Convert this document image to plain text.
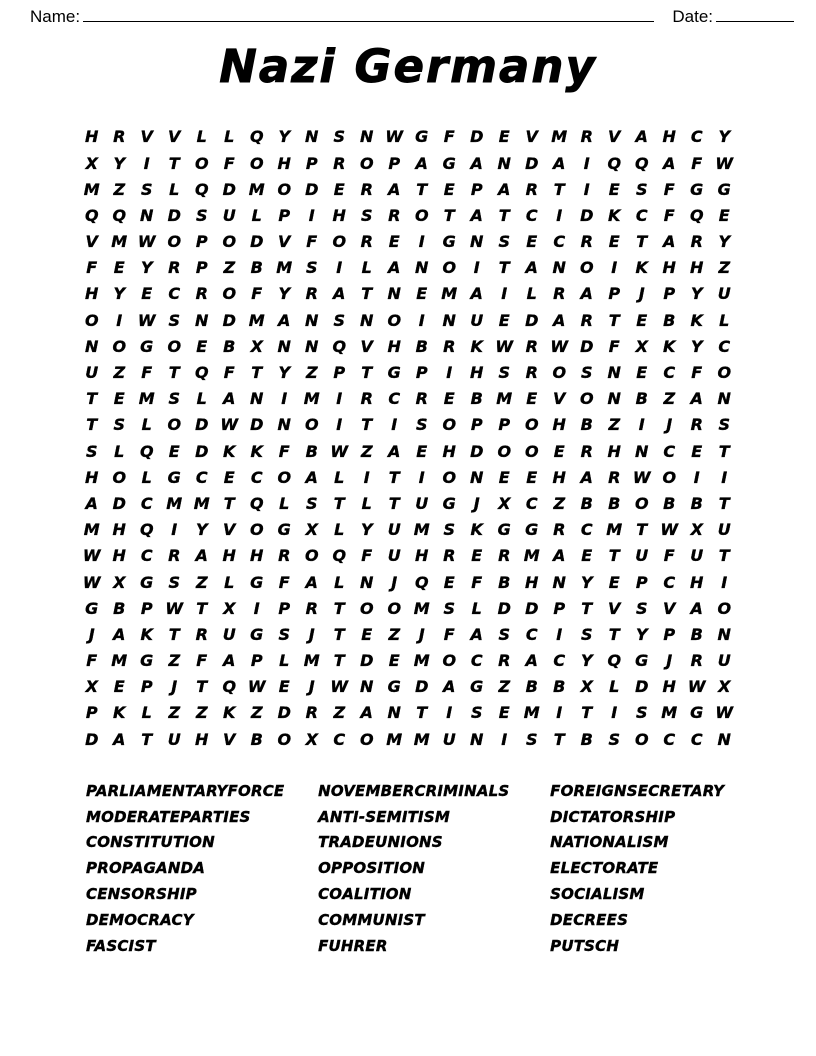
Name:	Date:
Nazi Germany
H R V V	L	L Q Y N S N W G F D E V M R V A H C Y
X Y	I	T O F O H P R O P A G A N D A	I	Q Q A F W
M Z S	L Q D M O D E R A T	E	P A R T	I	E	S	F G G
Q Q N D S U L	P	I	H S R O T A T	C	I	D K C	F Q E
V M W O P O D V F O R E	I	G N S	E	C R E	T A R Y
F	E	Y R P Z B M S	I	L	A N O	I	T A N O	I	K H H Z
H Y	E	C R O F	Y R A T N E M A	I	L	R A P	J	P Y U
O	I W S N D M A N S N O	I	N U E D A R T	E B K	L
N O G O E B X N N Q V H B R K W R W D F X K Y C
U Z	F	T Q F	T	Y Z P	T G P	I	H S R O S N E	C	F O
T	E M S	L	A N	I	M	I	R C R E B M E V O N B Z A N
T	S	L O D W D N O	I	T	I	S O P P O H B Z	I	J	R S
S	L Q E D K K F B W Z A E H D O O E R H N C	E	T
H O L G C	E	C O A	L	I	T	I	O N E	E H A R W O	I	I
A D C M M T Q L	S	T	L	T U G	J	X C Z B B O B B T
M H Q	I	Y V O G X	L	Y U M S K G G R C M T W X U
W H C R A H H R O Q F U H R E R M A E	T U F U T
W X G S Z	L G F A	L N	J	Q E	F B H N Y	E	P C H	I
G B P W T X	I	P R T O O M S	L D D P	T V S V A O
J	A K T R U G S	J	T	E	Z	J	F A S C	I	S	T	Y P B N
F M G Z	F A P	L M T D E M O C R A C Y Q G	J	R U
X E	P	J	T Q W E	J W N G D A G Z B B X	L D H W X
P K	L	Z Z K Z D R Z A N T	I	S	E M	I	T	I	S M G W
D A T U H V B O X C O M M U N	I	S	T B S O C C N
PARLIAMENTARYFORCE
MODERATEPARTIES
CONSTITUTION
PROPAGANDA
CENSORSHIP
DEMOCRACY
FASCIST
NOVEMBERCRIMINALS
ANTI-SEMITISM
TRADEUNIONS
OPPOSITION
COALITION
COMMUNIST
FUHRER
FOREIGNSECRETARY
DICTATORSHIP
NATIONALISM
ELECTORATE
SOCIALISM
DECREES
PUTSCH
